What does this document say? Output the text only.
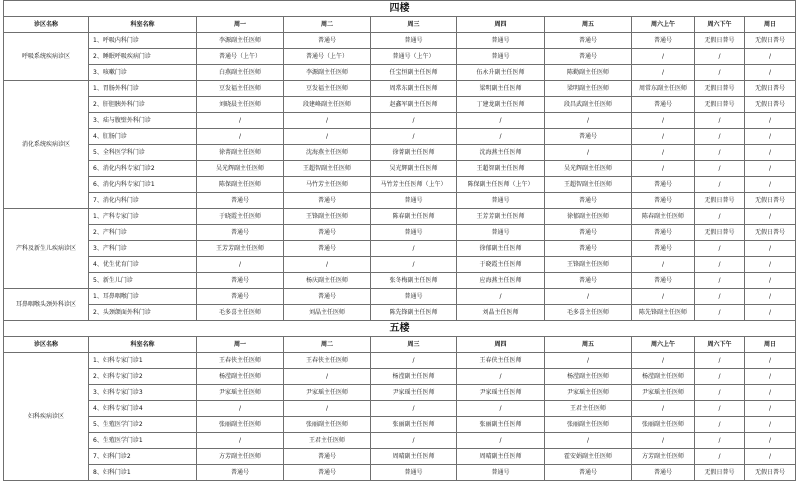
四楼									
诊区名称	科室名称	周一	周二	周三	周四	周五	周六上午	周六下午	周日
呼吸系统疾病诊区	1、呼吸内科门诊	李源副主任医师	普通号	普通号	普通号	普通号	普通号	无假日普号	无假日普号
	2、睡眠呼吸疾病门诊	普通号（上午）	普通号（上午）	普通号（上午）	普通号	普通号	/	/	/
	3、咳嗽门诊	白燕副主任医师	李源副主任医师	任宝恒副主任医师	伍永升副主任医师	陈勤副主任医师	/	/	/
消化系统疾病诊区	1、胃肠外科门诊	豆发福主任医师	豆发福主任医师	周常东副主任医师	梁明副主任医师	梁明副主任医师	周常东副主任医师	无假日普号	无假日普号
	2、肝胆胰外科门诊	刘晓晨主任医师	段建峰副主任医师	赵鑫军副主任医师	丁建龙副主任医师	段昌武副主任医师	普通号	无假日普号	无假日普号
	3、疝与腹壁外科门诊	/	/	/	/	/	/	/	/
	4、肛肠门诊	/	/	/	/	普通号	/	/	/
	5、全科医学科门诊	徐菁副主任医师	沈海燕主任医师	徐菁副主任医师	沈海燕主任医师	/	/	/	/
	6、消化内科专家门诊2	吴光辉副主任医师	王超智副主任医师	吴光辉副主任医师	王超智副主任医师	吴光辉副主任医师	/	/	/
	6、消化内科专家门诊1	陈保副主任医师	马竹芳主任医师	马竹芳主任医师（上午）	陈保副主任医师（上午）	王超智副主任医师	普通号	/	/
	7、消化内科门诊	普通号	普通号	普通号	普通号	普通号	普通号	无假日普号	无假日普号
产科及新生儿疾病诊区	1、产科专家门诊	于晓霞主任医师	王锋副主任医师	陈春副主任医师	王芳芳副主任医师	徐郁副主任医师	陈春副主任医师	/	/
	2、产科门诊	普通号	普通号	普通号	普通号	普通号	普通号	无假日普号	无假日普号
	3、产科门诊	王芳芳副主任医师	普通号	/	徐郁副主任医师	普通号	普通号	/	/
	4、优生优育门诊	/	/	/	于晓霞主任医师	王锋副主任医师	/	/	/
	5、新生儿门诊	普通号	杨庆副主任医师	张冬梅副主任医师	应海燕主任医师	普通号	普通号	/	/
耳鼻咽喉头颈外科诊区	1、耳鼻咽喉门诊	普通号	普通号	普通号	/	/	/	/	/
	2、头颈颌面外科门诊	毛多喜主任医师	刘晶主任医师	陈先锋副主任医师	刘晶主任医师	毛多喜主任医师	陈先锋副主任医师	/	/
五楼									
诊区名称	科室名称	周一	周二	周三	周四	周五	周六上午	周六下午	周日
妇科疾病诊区	1、妇科专家门诊1	王春侠主任医师	王春侠主任医师	/	王春侠主任医师	/	/	/	/
	2、妇科专家门诊2	杨滢副主任医师	/	杨滢副主任医师	/	杨滢副主任医师	杨滢副主任医师	/	/
	3、妇科专家门诊3	尹家瑶主任医师	尹家瑶主任医师	尹家瑶主任医师	尹家瑶主任医师	尹家瑶主任医师	尹家瑶主任医师	/	/
	4、妇科专家门诊4	/	/	/	/	王君主任医师	/	/	/
	5、生殖医学门诊2	张丽副主任医师	张丽副主任医师	张丽副主任医师	张丽副主任医师	张丽副主任医师	张丽副主任医师	/	/
	6、生殖医学门诊1	/	王君主任医师	/	/	/	/	/	/
	7、妇科门诊2	方芳副主任医师	普通号	周晴副主任医师	周晴副主任医师	霍安娟副主任医师	方芳副主任医师	/	/
	8、妇科门诊1	普通号	普通号	普通号	普通号	普通号	普通号	无假日普号	无假日普号
